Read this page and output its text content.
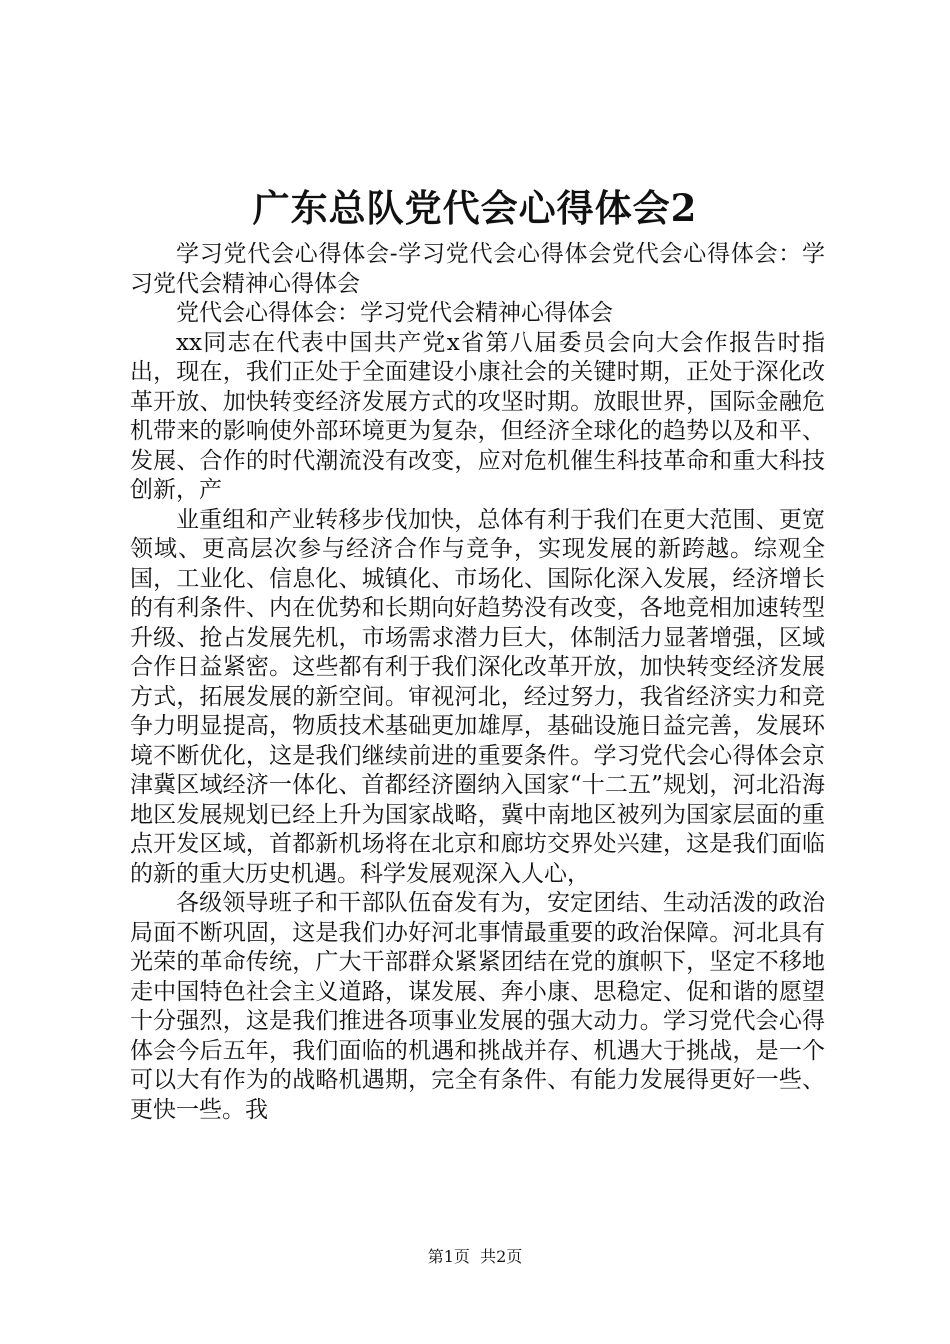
广东总队党代会心得体会2

学习党代会心得体会-学习党代会心得体会党代会心得体会：学习党代会精神心得体会

党代会心得体会：学习党代会精神心得体会

xx同志在代表中国共产党x省第八届委员会向大会作报告时指出，现在，我们正处于全面建设小康社会的关键时期，正处于深化改革开放、加快转变经济发展方式的攻坚时期。放眼世界，国际金融危机带来的影响使外部环境更为复杂，但经济全球化的趋势以及和平、发展、合作的时代潮流没有改变，应对危机催生科技革命和重大科技创新，产

业重组和产业转移步伐加快，总体有利于我们在更大范围、更宽领域、更高层次参与经济合作与竞争，实现发展的新跨越。综观全国，工业化、信息化、城镇化、市场化、国际化深入发展，经济增长的有利条件、内在优势和长期向好趋势没有改变，各地竞相加速转型升级、抢占发展先机，市场需求潜力巨大，体制活力显著增强，区域合作日益紧密。这些都有利于我们深化改革开放，加快转变经济发展方式，拓展发展的新空间。审视河北，经过努力，我省经济实力和竞争力明显提高，物质技术基础更加雄厚，基础设施日益完善，发展环境不断优化，这是我们继续前进的重要条件。学习党代会心得体会京津冀区域经济一体化、首都经济圈纳入国家“十二五”规划，河北沿海地区发展规划已经上升为国家战略，冀中南地区被列为国家层面的重点开发区域，首都新机场将在北京和廊坊交界处兴建，这是我们面临的新的重大历史机遇。科学发展观深入人心，

各级领导班子和干部队伍奋发有为，安定团结、生动活泼的政治局面不断巩固，这是我们办好河北事情最重要的政治保障。河北具有光荣的革命传统，广大干部群众紧紧团结在党的旗帜下，坚定不移地走中国特色社会主义道路，谋发展、奔小康、思稳定、促和谐的愿望十分强烈，这是我们推进各项事业发展的强大动力。学习党代会心得体会今后五年，我们面临的机遇和挑战并存、机遇大于挑战，是一个可以大有作为的战略机遇期，完全有条件、有能力发展得更好一些、更快一些。我

第1页  共2页
